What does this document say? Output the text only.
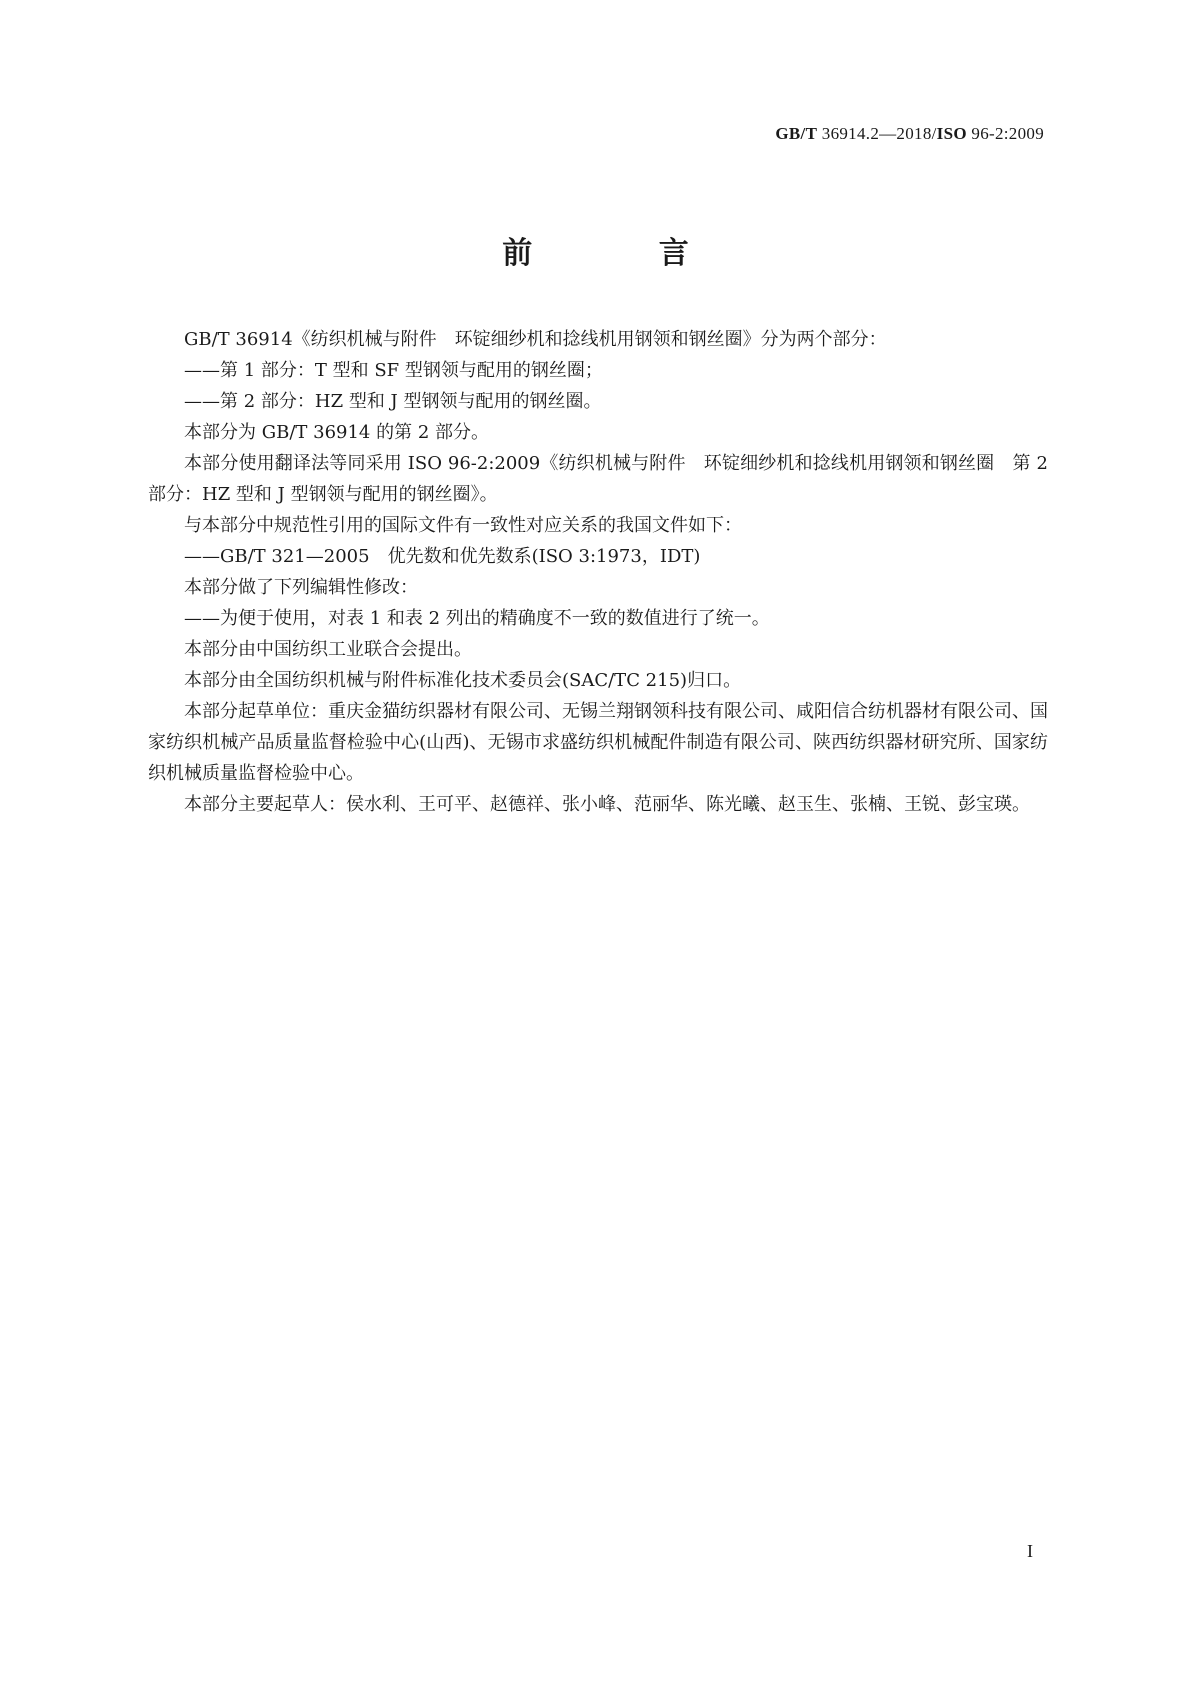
GB/T 36914.2—2018/ISO 96-2:2009
前 言

GB/T 36914《纺织机械与附件　环锭细纱机和捻线机用钢领和钢丝圈》分为两个部分：

——第 1 部分：T 型和 SF 型钢领与配用的钢丝圈；

——第 2 部分：HZ 型和 J 型钢领与配用的钢丝圈。

本部分为 GB/T 36914 的第 2 部分。

本部分使用翻译法等同采用 ISO 96-2:2009《纺织机械与附件　环锭细纱机和捻线机用钢领和钢丝圈　第 2 部分：HZ 型和 J 型钢领与配用的钢丝圈》。

与本部分中规范性引用的国际文件有一致性对应关系的我国文件如下：

——GB/T 321—2005　优先数和优先数系(ISO 3:1973，IDT)

本部分做了下列编辑性修改：

——为便于使用，对表 1 和表 2 列出的精确度不一致的数值进行了统一。

本部分由中国纺织工业联合会提出。

本部分由全国纺织机械与附件标准化技术委员会(SAC/TC 215)归口。

本部分起草单位：重庆金猫纺织器材有限公司、无锡兰翔钢领科技有限公司、咸阳信合纺机器材有限公司、国家纺织机械产品质量监督检验中心(山西)、无锡市求盛纺织机械配件制造有限公司、陕西纺织器材研究所、国家纺织机械质量监督检验中心。

本部分主要起草人：侯水利、王可平、赵德祥、张小峰、范丽华、陈光曦、赵玉生、张楠、王锐、彭宝瑛。

I
